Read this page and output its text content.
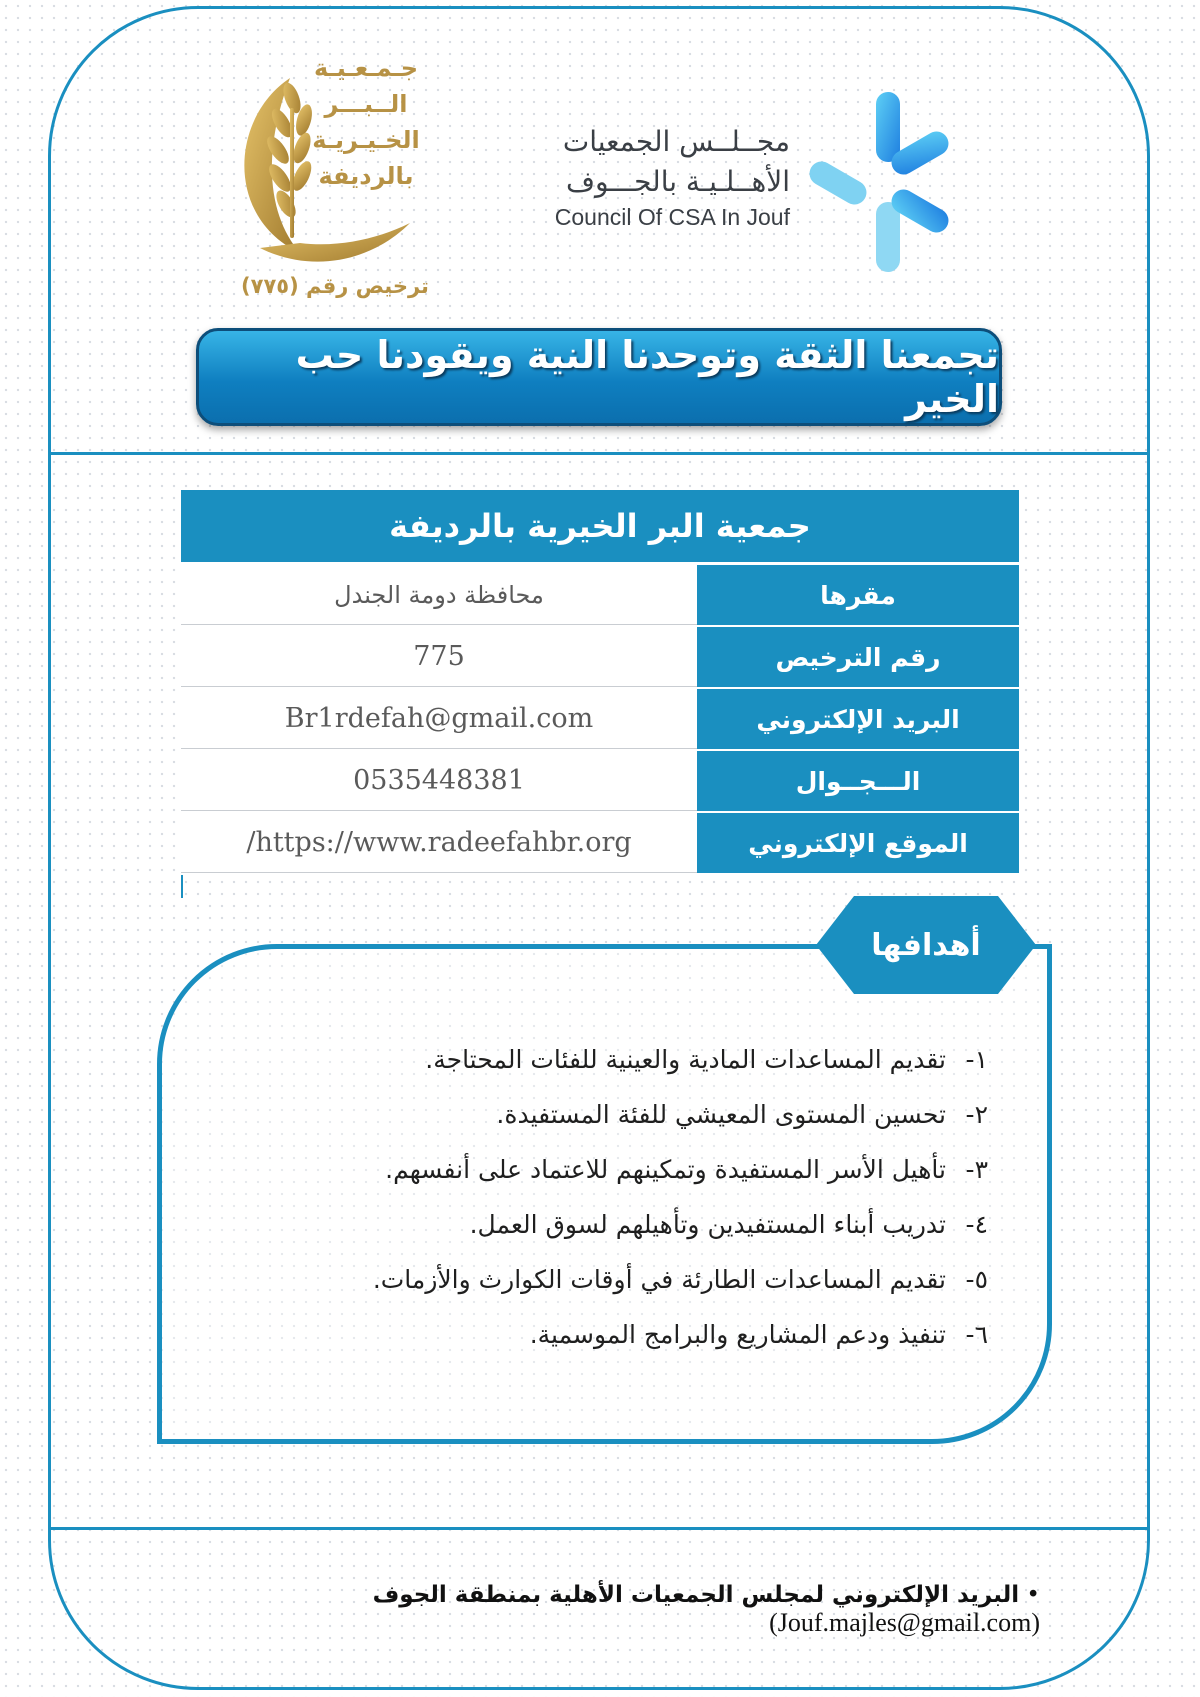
جـمـعـيـة
الــبـــر
الخـيـريـة
بالرديفة
ترخيص رقم (٧٧٥)
مجــلــس الجمعيات
الأهــلـيـة بالجـــوف
Council Of CSA In Jouf
تجمعنا الثقة وتوحدنا النية ويقودنا حب الخير
جمعية البر الخيرية بالرديفة
محافظة دومة الجندل	مقرها
775	رقم الترخيص
Br1rdefah@gmail.com	البريد الإلكتروني
0535448381	الـــجــوال
/https://www.radeefahbr.org	الموقع الإلكتروني
أهدافها
١-تقديم المساعدات المادية والعينية للفئات المحتاجة.
٢-تحسين المستوى المعيشي للفئة المستفيدة.
٣-تأهيل الأسر المستفيدة وتمكينهم للاعتماد على أنفسهم.
٤-تدريب أبناء المستفيدين وتأهيلهم لسوق العمل.
٥-تقديم المساعدات الطارئة في أوقات الكوارث والأزمات.
٦-تنفيذ ودعم المشاريع والبرامج الموسمية.
• البريد الإلكتروني لمجلس الجمعيات الأهلية بمنطقة الجوف (Jouf.majles@gmail.com)
